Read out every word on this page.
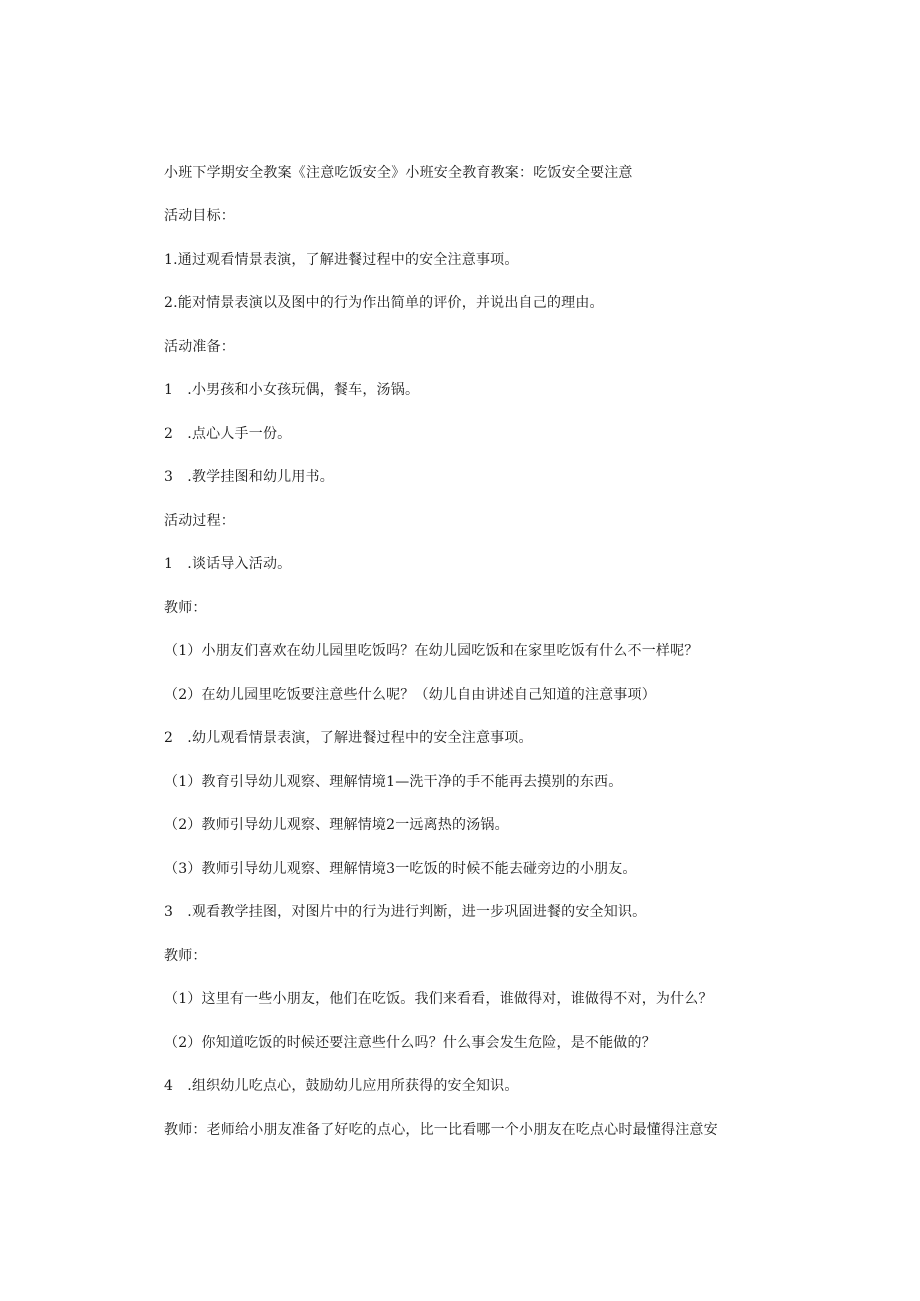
小班下学期安全教案《注意吃饭安全》小班安全教育教案：吃饭安全要注意
活动目标：
1.通过观看情景表演，了解进餐过程中的安全注意事项。
2.能对情景表演以及图中的行为作出简单的评价，并说出自己的理由。
活动准备：
1　.小男孩和小女孩玩偶，餐车，汤锅。
2　.点心人手一份。
3　.教学挂图和幼儿用书。
活动过程：
1　.谈话导入活动。
教师：
（1）小朋友们喜欢在幼儿园里吃饭吗？在幼儿园吃饭和在家里吃饭有什么不一样呢？
（2）在幼儿园里吃饭要注意些什么呢？（幼儿自由讲述自己知道的注意事项）
2　.幼儿观看情景表演，了解进餐过程中的安全注意事项。
（1）教育引导幼儿观察、理解情境1—洗干净的手不能再去摸别的东西。
（2）教师引导幼儿观察、理解情境2一远离热的汤锅。
（3）教师引导幼儿观察、理解情境3一吃饭的时候不能去碰旁边的小朋友。
3　.观看教学挂图，对图片中的行为进行判断，进一步巩固进餐的安全知识。
教师：
（1）这里有一些小朋友，他们在吃饭。我们来看看，谁做得对，谁做得不对，为什么？
（2）你知道吃饭的时候还要注意些什么吗？什么事会发生危险，是不能做的？
4　.组织幼儿吃点心，鼓励幼儿应用所获得的安全知识。
教师：老师给小朋友准备了好吃的点心，比一比看哪一个小朋友在吃点心时最懂得注意安
